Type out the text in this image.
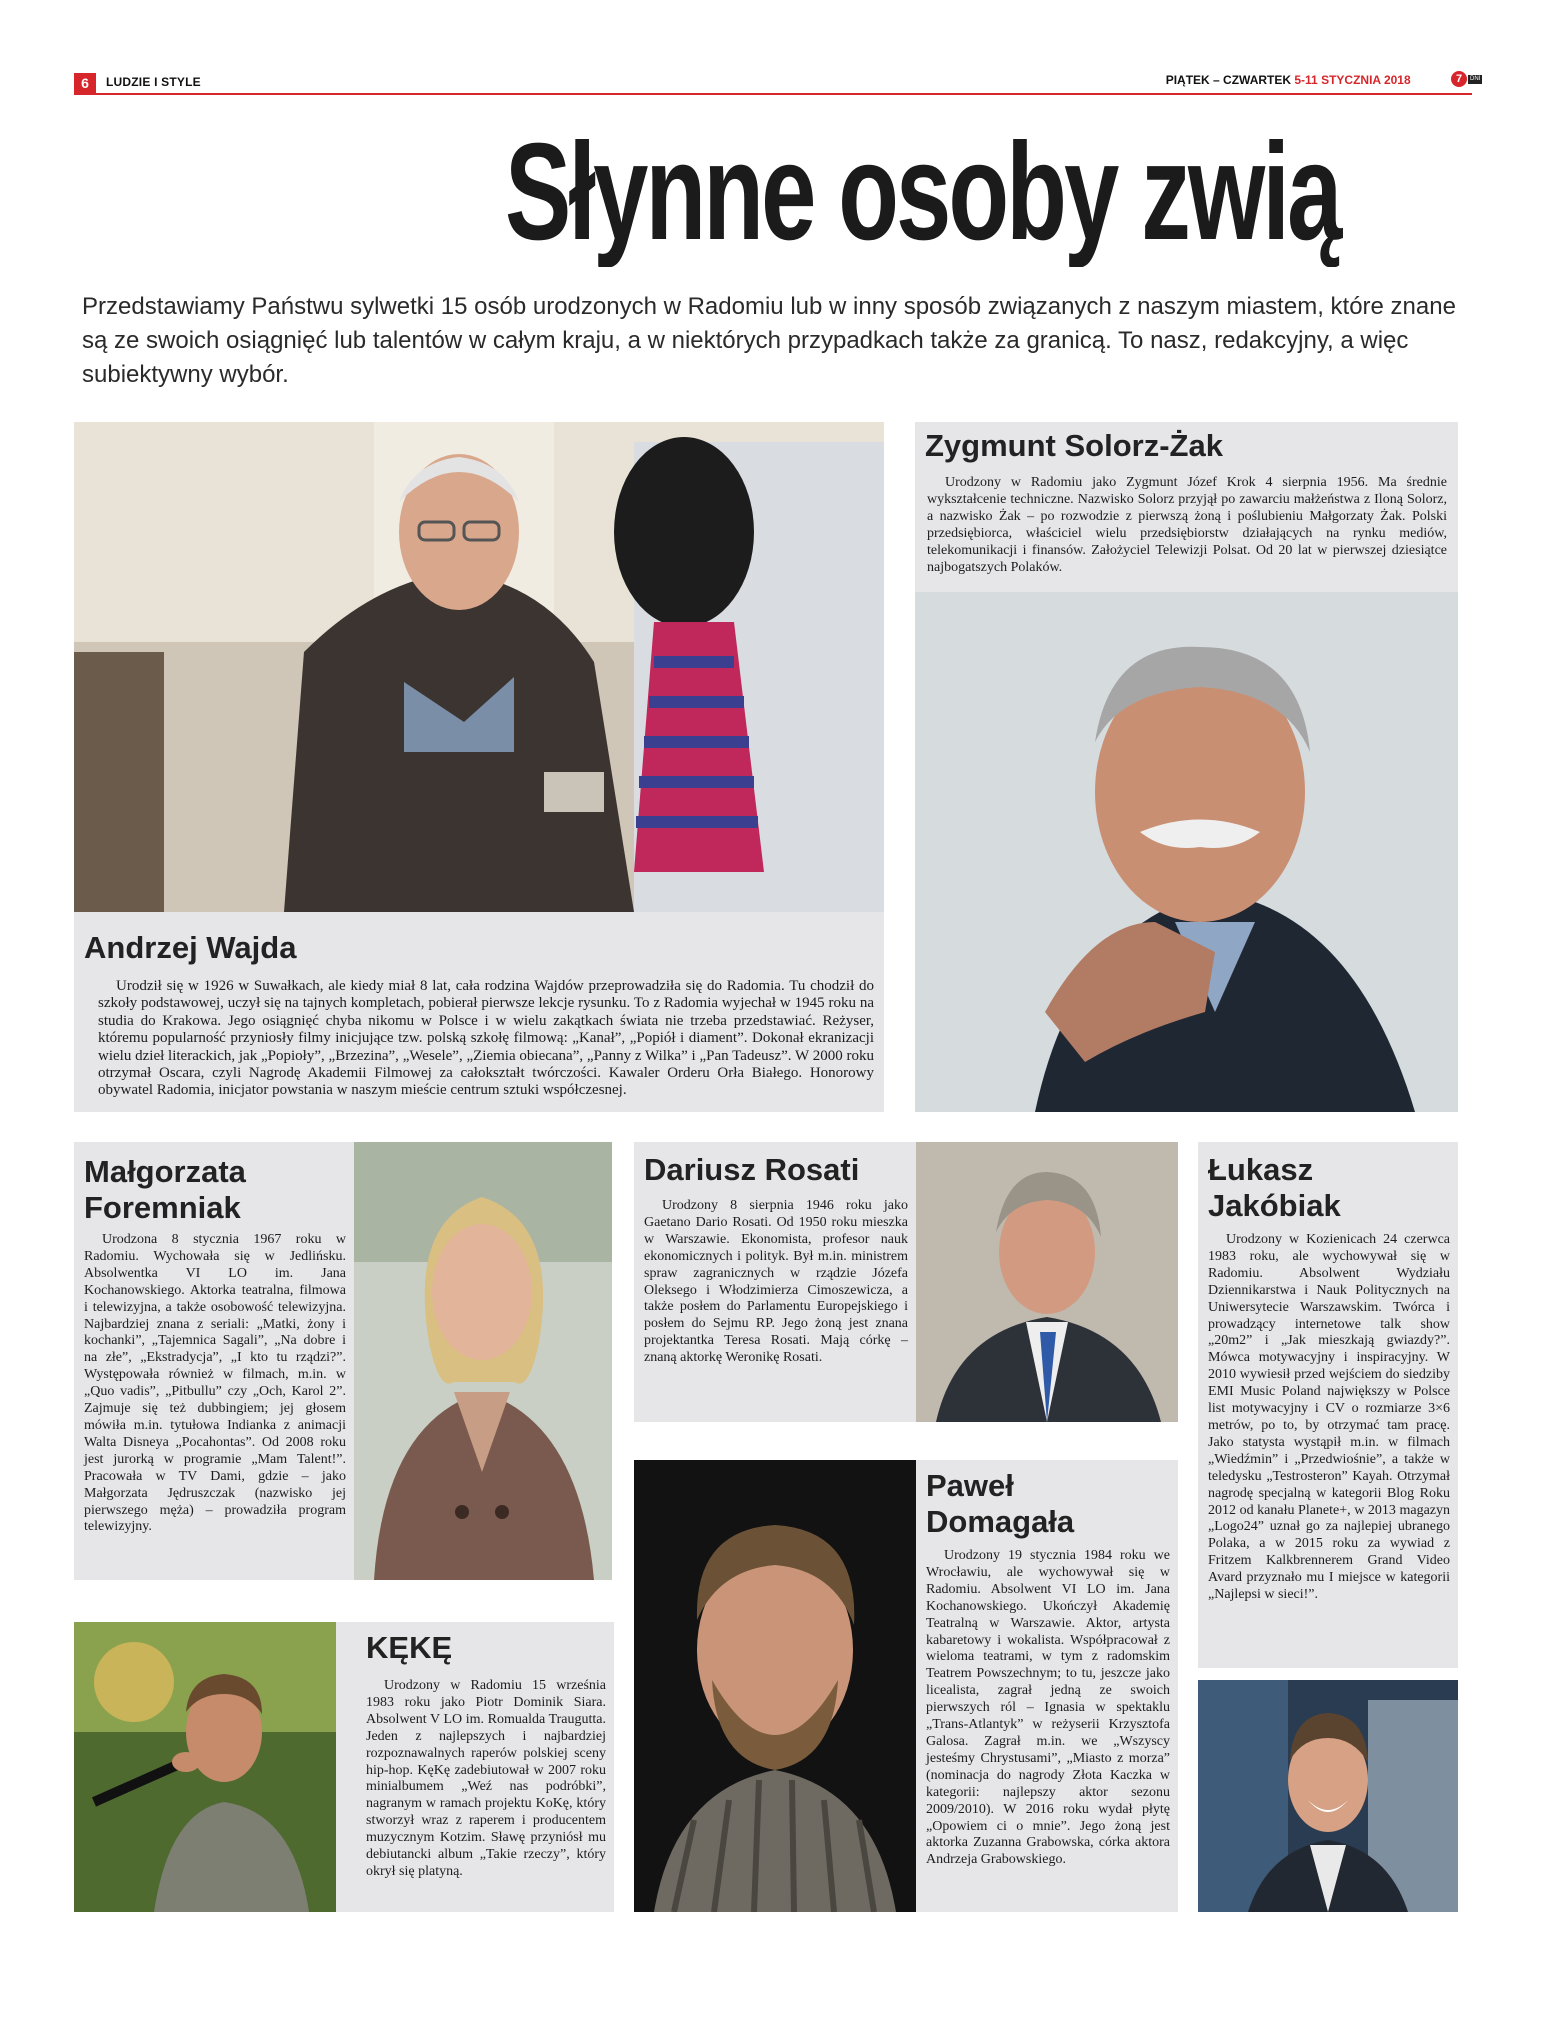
6	LUDZIE I STYLE	PIĄTEK – CZWARTEK 5-11 STYCZNIA 2018	7	DNI
Słynne osoby zwią
Przedstawiamy Państwu sylwetki 15 osób urodzonych w Radomiu lub w inny sposób związanych z naszym miastem, które znane są ze swoich osiągnięć lub talentów w całym kraju, a w niektórych przypadkach także za granicą. To nasz, redakcyjny, a więc subiektywny wybór.
Andrzej Wajda

Urodził się w 1926 w Suwałkach, ale kiedy miał 8 lat, cała rodzina Wajdów przeprowadziła się do Radomia. Tu chodził do szkoły podstawowej, uczył się na tajnych kompletach, pobierał pierwsze lekcje rysunku. To z Radomia wyjechał w 1945 roku na studia do Krakowa. Jego osiągnięć chyba nikomu w Polsce i w wielu zakątkach świata nie trzeba przedstawiać. Reżyser, któremu popularność przyniosły filmy inicjujące tzw. polską szkołę filmową: „Kanał”, „Popiół i diament”. Dokonał ekranizacji wielu dzieł literackich, jak „Popioły”, „Brzezina”, „Wesele”, „Ziemia obiecana”, „Panny z Wilka” i „Pan Tadeusz”. W 2000 roku otrzymał Oscara, czyli Nagrodę Akademii Filmowej za całokształt twórczości. Kawaler Orderu Orła Białego. Honorowy obywatel Radomia, inicjator powstania w naszym mieście centrum sztuki współczesnej.

Zygmunt Solorz-Żak

Urodzony w Radomiu jako Zygmunt Józef Krok 4 sierpnia 1956. Ma średnie wykształcenie techniczne. Nazwisko Solorz przyjął po zawarciu małżeństwa z Iloną Solorz, a nazwisko Żak – po rozwodzie z pierwszą żoną i poślubieniu Małgorzaty Żak. Polski przedsiębiorca, właściciel wielu przedsiębiorstw działających na rynku mediów, telekomunikacji i finansów. Założyciel Telewizji Polsat. Od 20 lat w pierwszej dziesiątce najbogatszych Polaków.

Małgorzata
Foremniak

Urodzona 8 stycznia 1967 roku w Radomiu. Wychowała się w Jedlińsku. Absolwentka VI LO im. Jana Kochanowskiego. Aktorka teatralna, filmowa i telewizyjna, a także osobowość telewizyjna. Najbardziej znana z seriali: „Matki, żony i kochanki”, „Tajemnica Sagali”, „Na dobre i na złe”, „Ekstradycja”, „I kto tu rządzi?”. Występowała również w filmach, m.in. w „Quo vadis”, „Pitbullu” czy „Och, Karol 2”. Zajmuje się też dubbingiem; jej głosem mówiła m.in. tytułowa Indianka z animacji Walta Disneya „Pocahontas”. Od 2008 roku jest jurorką w programie „Mam Talent!”. Pracowała w TV Dami, gdzie – jako Małgorzata Jędruszczak (nazwisko jej pierwszego męża) – prowadziła program telewizyjny.

Dariusz Rosati

Urodzony 8 sierpnia 1946 roku jako Gaetano Dario Rosati. Od 1950 roku mieszka w Warszawie. Ekonomista, profesor nauk ekonomicznych i polityk. Był m.in. ministrem spraw zagranicznych w rządzie Józefa Oleksego i Włodzimierza Cimoszewicza, a także posłem do Parlamentu Europejskiego i posłem do Sejmu RP. Jego żoną jest znana projektantka Teresa Rosati. Mają córkę – znaną aktorkę Weronikę Rosati.

Paweł
Domagała

Urodzony 19 stycznia 1984 roku we Wrocławiu, ale wychowywał się w Radomiu. Absolwent VI LO im. Jana Kochanowskiego. Ukończył Akademię Teatralną w Warszawie. Aktor, artysta kabaretowy i wokalista. Współpracował z wieloma teatrami, w tym z radomskim Teatrem Powszechnym; to tu, jeszcze jako licealista, zagrał jedną ze swoich pierwszych ról – Ignasia w spektaklu „Trans-Atlantyk” w reżyserii Krzysztofa Galosa. Zagrał m.in. we „Wszyscy jesteśmy Chrystusami”, „Miasto z morza” (nominacja do nagrody Złota Kaczka w kategorii: najlepszy aktor sezonu 2009/2010). W 2016 roku wydał płytę „Opowiem ci o mnie”. Jego żoną jest aktorka Zuzanna Grabowska, córka aktora Andrzeja Grabowskiego.

Łukasz
Jakóbiak

Urodzony w Kozienicach 24 czerwca 1983 roku, ale wychowywał się w Radomiu. Absolwent Wydziału Dziennikarstwa i Nauk Politycznych na Uniwersytecie Warszawskim. Twórca i prowadzący internetowe talk show „20m2” i „Jak mieszkają gwiazdy?”. Mówca motywacyjny i inspiracyjny. W 2010 wywiesił przed wejściem do siedziby EMI Music Poland największy w Polsce list motywacyjny i CV o rozmiarze 3×6 metrów, po to, by otrzymać tam pracę. Jako statysta wystąpił m.in. w filmach „Wiedźmin” i „Przedwiośnie”, a także w teledysku „Testrosteron” Kayah. Otrzymał nagrodę specjalną w kategorii Blog Roku 2012 od kanału Planete+, w 2013 magazyn „Logo24” uznał go za najlepiej ubranego Polaka, a w 2015 roku za wywiad z Fritzem Kalkbrennerem Grand Video Avard przyznało mu I miejsce w kategorii „Najlepsi w sieci!”.

KĘKĘ

Urodzony w Radomiu 15 września 1983 roku jako Piotr Dominik Siara. Absolwent V LO im. Romualda Traugutta. Jeden z najlepszych i najbardziej rozpoznawalnych raperów polskiej sceny hip-hop. KęKę zadebiutował w 2007 roku minialbumem „Weź nas podróbki”, nagranym w ramach projektu KoKę, który stworzył wraz z raperem i producentem muzycznym Kotzim. Sławę przyniósł mu debiutancki album „Takie rzeczy”, który okrył się platyną.
